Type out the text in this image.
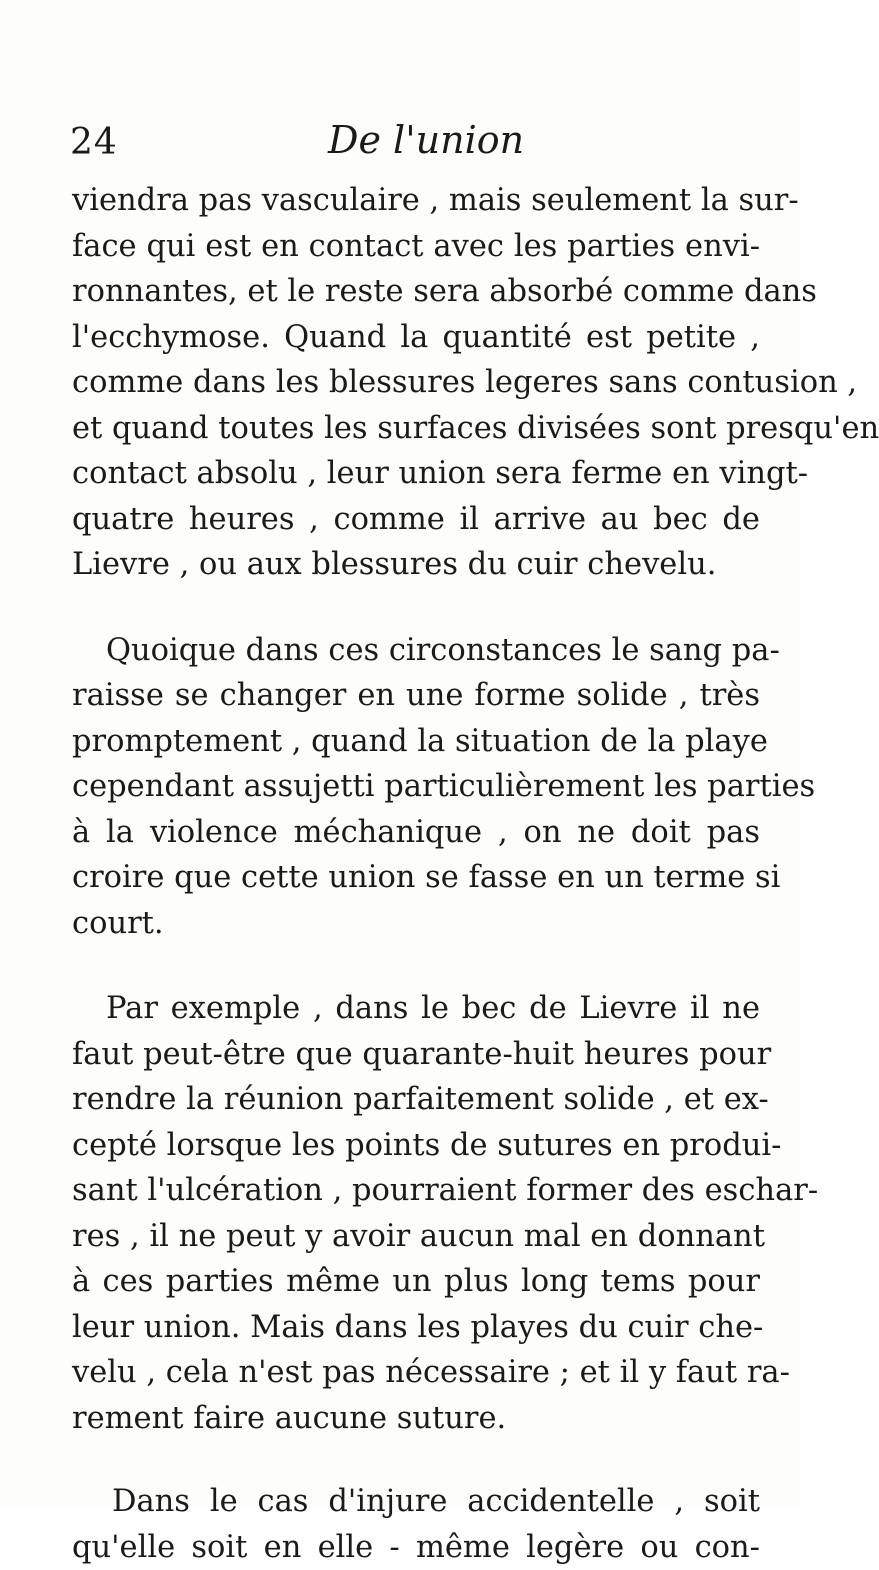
24	De l'union
viendra pas vasculaire , mais seulement la sur-
face qui est en contact avec les parties envi-
ronnantes, et le reste sera absorbé comme dans
l'ecchymose. Quand la quantité est petite ,
comme dans les blessures legeres sans contusion ,
et quand toutes les surfaces divisées sont presqu'en
contact absolu , leur union sera ferme en vingt-
quatre heures , comme il arrive au bec de
Lievre , ou aux blessures du cuir chevelu.
Quoique dans ces circonstances le sang pa-
raisse se changer en une forme solide , très
promptement , quand la situation de la playe
cependant assujetti particulièrement les parties
à la violence méchanique , on ne doit pas
croire que cette union se fasse en un terme si
court.
Par exemple , dans le bec de Lievre il ne
faut peut-être que quarante-huit heures pour
rendre la réunion parfaitement solide , et ex-
cepté lorsque les points de sutures en produi-
sant l'ulcération , pourraient former des eschar-
res , il ne peut y avoir aucun mal en donnant
à ces parties même un plus long tems pour
leur union. Mais dans les playes du cuir che-
velu , cela n'est pas nécessaire ; et il y faut ra-
rement faire aucune suture.
Dans le cas d'injure accidentelle , soit
qu'elle soit en elle - même legère ou con-
